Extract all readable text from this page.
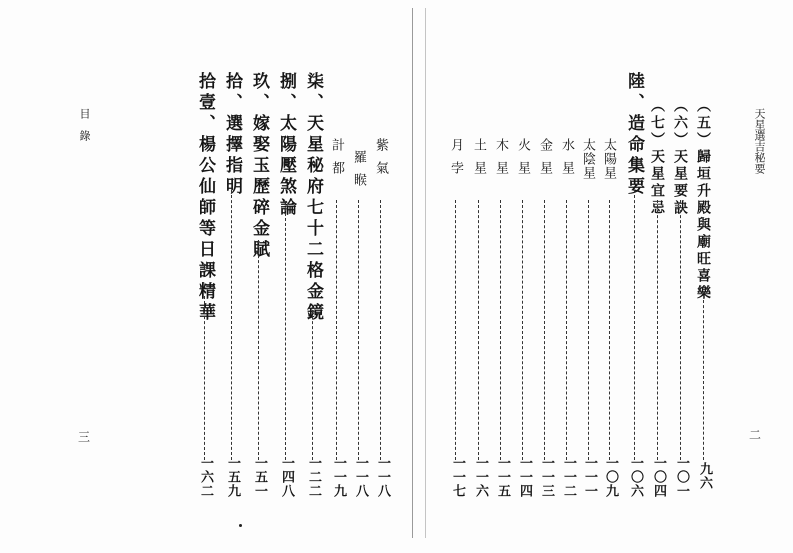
天星選吉秘要
目　錄
二
三
（五）歸垣升殿與廟旺喜樂
九六
（六）天星要訣
一〇一
（七）天星宜忌
一〇四
陸、造命集要
一〇六
太陽星
一〇九
太陰星
一一一
水星
一一二
金星
一一三
火星
一一四
木星
一一五
土星
一一六
月孛
一一七
紫氣
一一八
羅睺
一一八
計都
一一九
柒、天星秘府七十二格金鏡
一二二
捌、太陽壓煞論
一四八
玖、嫁娶玉歷碎金賦
一五一
拾、選擇指明
一五九
拾壹、楊公仙師等日課精華
一六二
